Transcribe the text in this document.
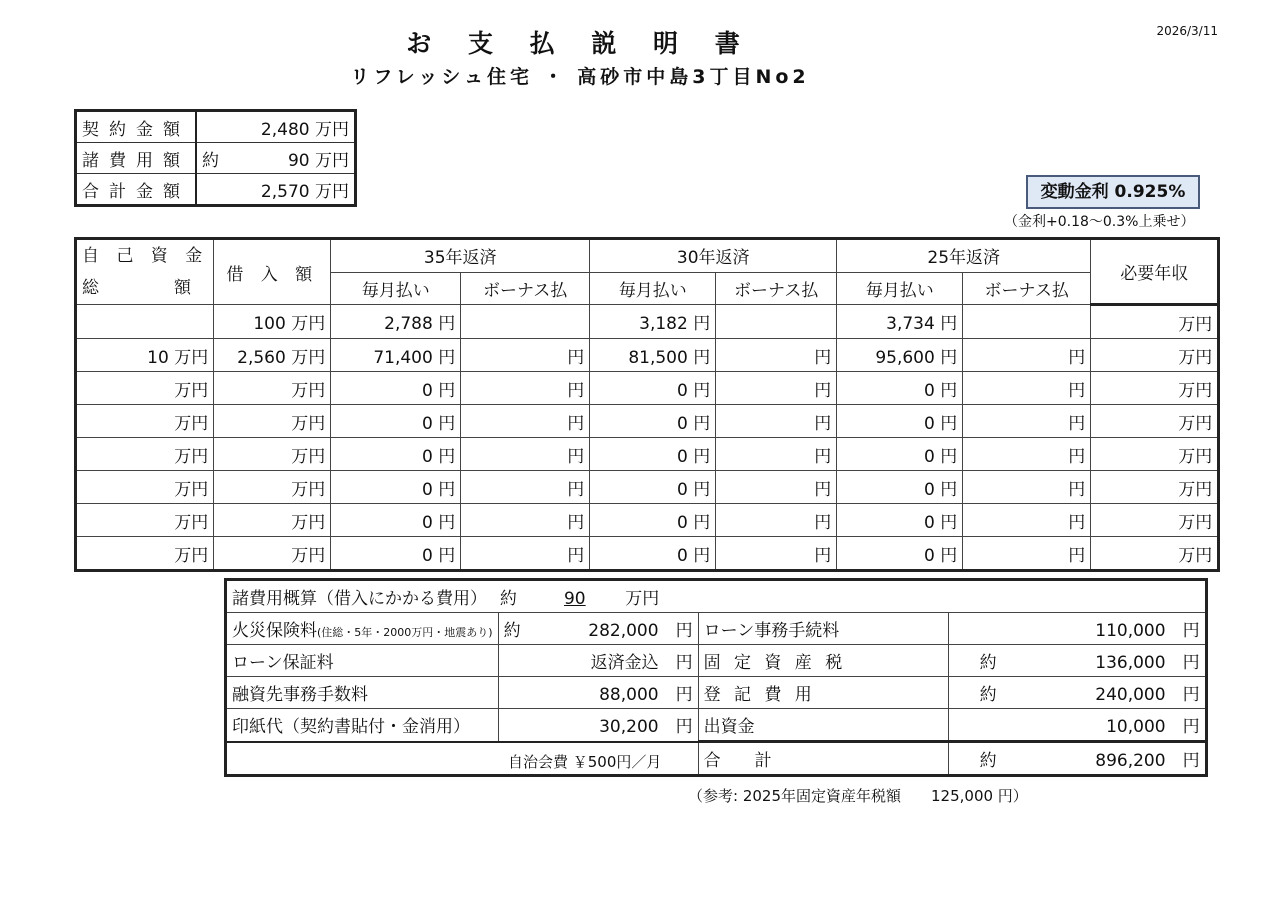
お 支 払 説 明 書
リフレッシュ住宅 ・ 高砂市中島3丁目No2
2026/3/11
契約金額	2,480 万円
諸費用額	約 90 万円
合計金額	2,570 万円	変動金利 0.925%
（金利+0.18～0.3%上乗せ）
自 己 資 金
総　　　額	借 入 額	35年返済		30年返済		25年返済		必要年収
		毎月払い	ボーナス払	毎月払い	ボーナス払	毎月払い	ボーナス払	
	100 万円	2,788 円		3,182 円		3,734 円		万円
10 万円	2,560 万円	71,400 円	円	81,500 円	円	95,600 円	円	万円
万円	万円	0 円	円	0 円	円	0 円	円	万円
万円	万円	0 円	円	0 円	円	0 円	円	万円
万円	万円	0 円	円	0 円	円	0 円	円	万円
万円	万円	0 円	円	0 円	円	0 円	円	万円
万円	万円	0 円	円	0 円	円	0 円	円	万円
万円	万円	0 円	円	0 円	円	0 円	円	万円
諸費用概算（借入にかかる費用） 約 90 万円			
火災保険料(住総・5年・2000万円・地震あり)	約 282,000　円	ローン事務手続料	110,000　円
ローン保証料	返済金込　円	固 定 資 産 税	約 136,000　円
融資先事務手数料	88,000　円	登 記 費 用	約 240,000　円
印紙代（契約書貼付・金消用）	30,200　円	出資金	10,000　円
		合　　計	約 896,200　円
自治会費 ￥500円／月
（参考: 2025年固定資産年税額　　125,000 円）
